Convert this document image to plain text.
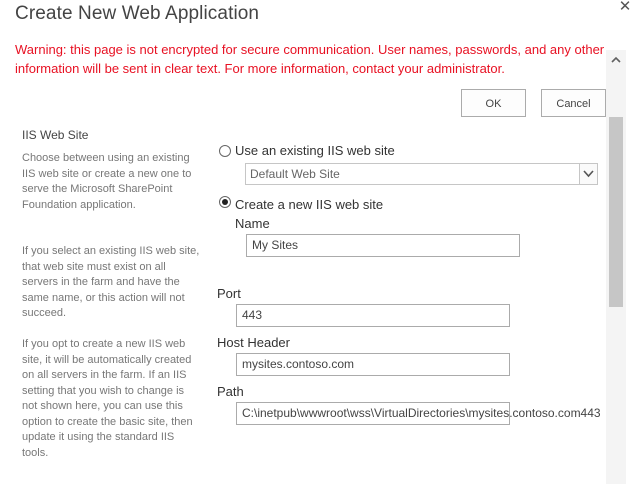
Create New Web Application	✕
Warning: this page is not encrypted for secure communication. User names, passwords, and any other information will be sent in clear text. For more information, contact your administrator.
OK	Cancel
IIS Web Site
Choose between using an existing IIS web site or create a new one to serve the Microsoft SharePoint Foundation application.
If you select an existing IIS web site, that web site must exist on all servers in the farm and have the same name, or this action will not succeed.
If you opt to create a new IIS web site, it will be automatically created on all servers in the farm. If an IIS setting that you wish to change is not shown here, you can use this option to create the basic site, then update it using the standard IIS tools.
Use an existing IIS web site
Default Web Site
Create a new IIS web site
Name
My Sites
Port
443
Host Header
mysites.contoso.com
Path
C:\inetpub\wwwroot\wss\VirtualDirectories\mysites.contoso.com443
